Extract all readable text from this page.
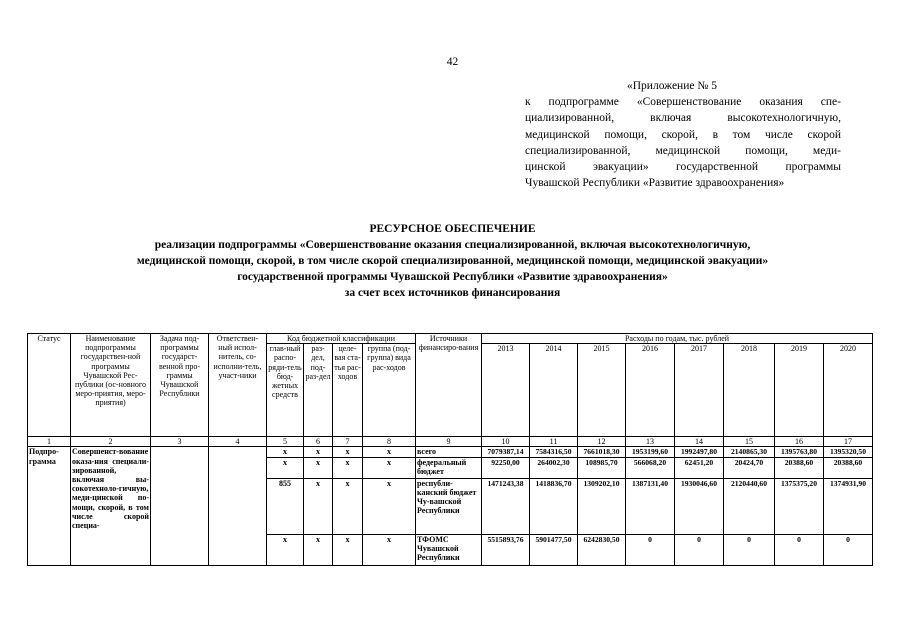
42
«Приложение № 5
к подпрограмме «Совершенствование оказания спе-
циализированной, включая высокотехнологичную,
медицинской помощи, скорой, в том числе скорой
специализированной, медицинской помощи, меди-
цинской эвакуации» государственной программы
Чувашской Республики «Развитие здравоохранения»
РЕСУРСНОЕ ОБЕСПЕЧЕНИЕ
реализации подпрограммы «Совершенствование оказания специализированной, включая высокотехнологичную,
медицинской помощи, скорой, в том числе скорой специализированной, медицинской помощи, медицинской эвакуации»
государственной программы Чувашской Республики «Развитие здравоохранения»
за счет всех источников финансирования
Статус	Наименование подпрограммы государствен-ной программы Чувашской Рес-публики (ос-новного меро-приятия, меро-приятия)	Задача под-программы государст-венной про-граммы Чувашской Республики	Ответствен-ный испол-нитель, со-исполни-тель, участ-ники	Код бюджетной классификации				Источники финансиро-вания	Расходы по годам, тыс. рублей							
				глав-ный распо-ряди-тель бюд-жетных средств	раз-дел, под-раз-дел	целе-вая ста-тья рас-ходов	группа (под-группа) вида рас-ходов		2013	2014	2015	2016	2017	2018	2019	2020
1	2	3	4	5	6	7	8	9	10	11	12	13	14	15	16	17
Подпро-грамма	Совершенст-вование оказа-ния специали-зированной, включая вы-сокотехноло-гичную, меди-цинской по-мощи, скорой, в том числе скорой специа-			x	x	x	x	всего	7079387,14	7584316,50	7661018,30	1953199,60	1992497,80	2140865,30	1395763,80	1395320,50
				x	x	x	x	федеральный бюджет	92250,00	264002,30	108985,70	566068,20	62451,20	20424,70	20388,60	20388,60
				855	x	x	x	республи-канский бюджет Чу-вашской Республики	1471243,38	1418836,70	1309202,10	1387131,40	1930046,60	2120440,60	1375375,20	1374931,90
				x	x	x	x	ТФОМС Чувашской Республики	5515893,76	5901477,50	6242830,50	0	0	0	0	0
